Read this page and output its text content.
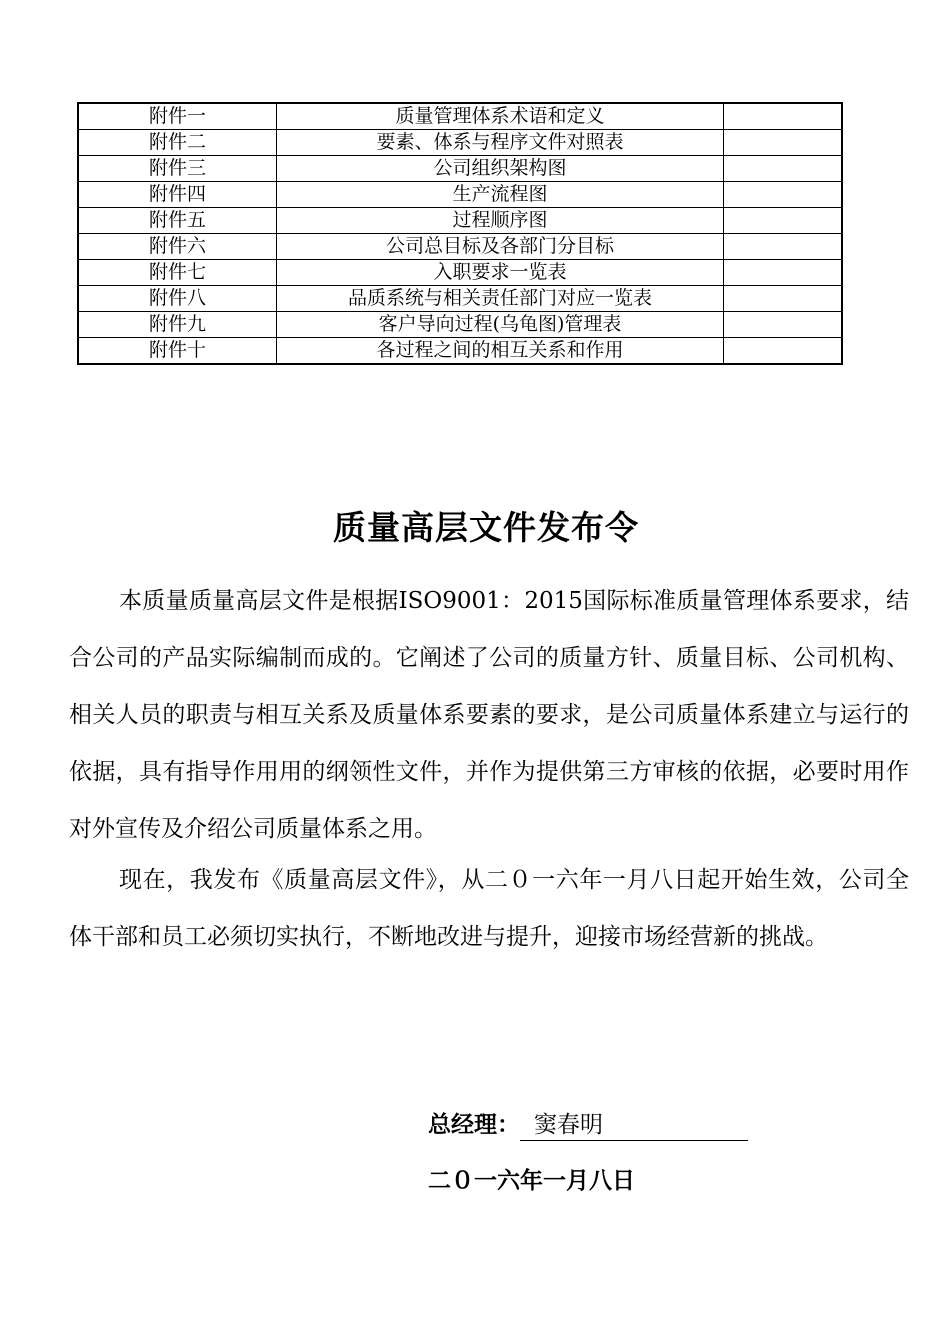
附件一	质量管理体系术语和定义	
附件二	要素、体系与程序文件对照表	
附件三	公司组织架构图	
附件四	生产流程图	
附件五	过程顺序图	
附件六	公司总目标及各部门分目标	
附件七	入职要求一览表	
附件八	品质系统与相关责任部门对应一览表	
附件九	客户导向过程(乌龟图)管理表	
附件十	各过程之间的相互关系和作用	
质量高层文件发布令

本质量质量高层文件是根据ISO9001：2015国际标准质量管理体系要求，结合公司的产品实际编制而成的。它阐述了公司的质量方针、质量目标、公司机构、相关人员的职责与相互关系及质量体系要素的要求，是公司质量体系建立与运行的依据，具有指导作用用的纲领性文件，并作为提供第三方审核的依据，必要时用作对外宣传及介绍公司质量体系之用。

现在，我发布《质量高层文件》，从二０一六年一月八日起开始生效，公司全体干部和员工必须切实执行，不断地改进与提升，迎接市场经营新的挑战。

总经理： 窦春明
二０一六年一月八日
